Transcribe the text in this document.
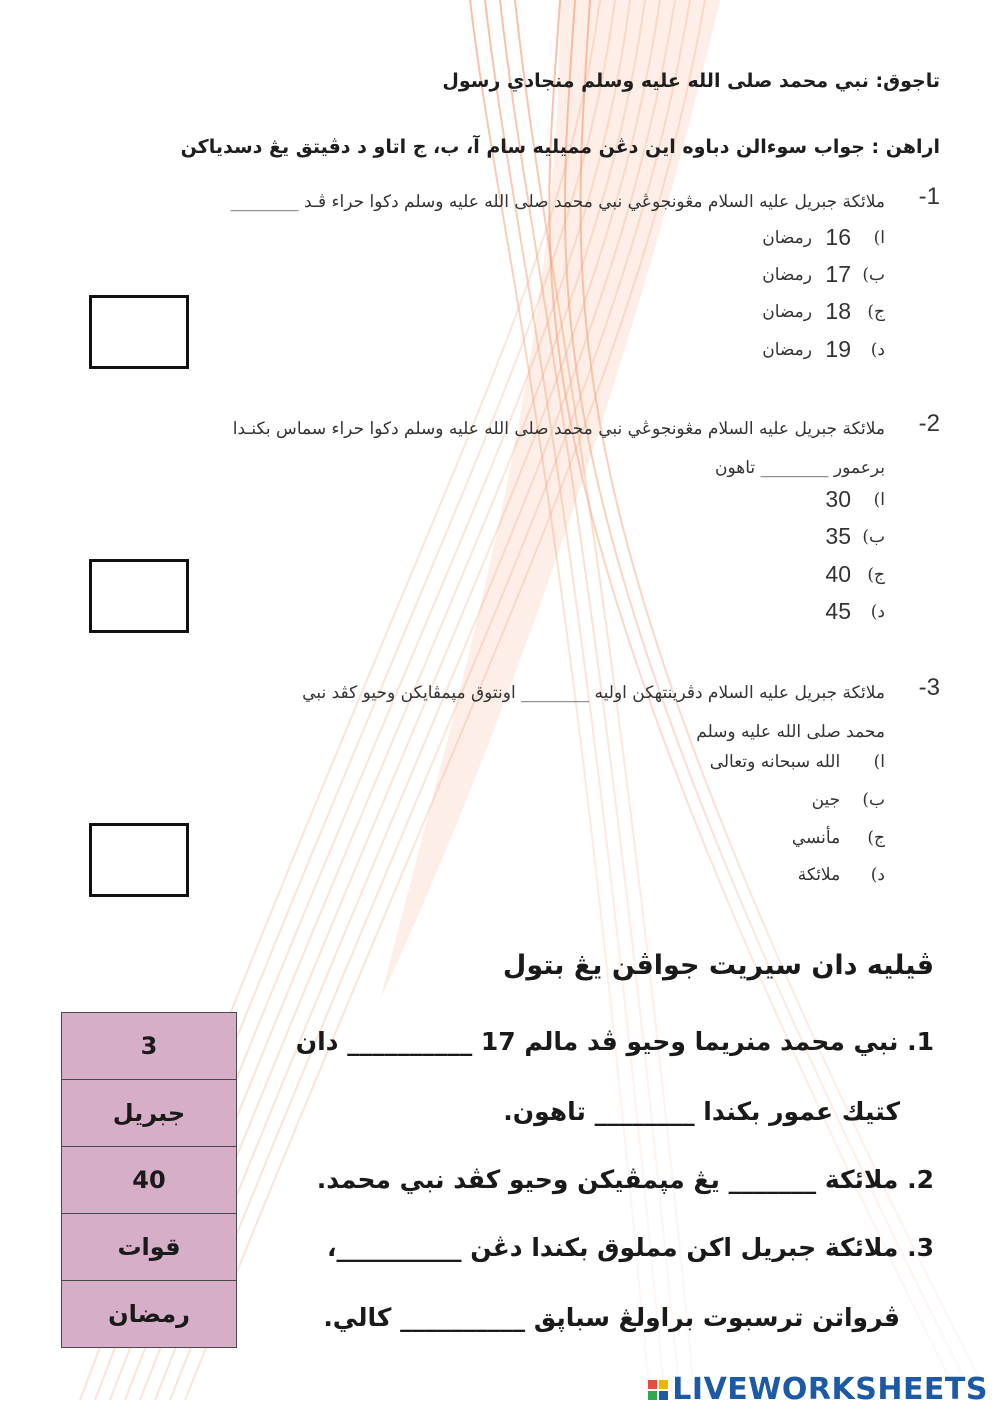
تاجوق: نبي محمد صلى الله عليه وسلم منجادي رسول
اراهن : جواب سوءالن دباوه اين دڠن مميليه سام آ، ب، ج اتاو د دڤيتق يڠ دسدياكن
-1
ملائكة جبريل عليه السلام مڠونجوڠي نبي محمد صلى الله عليه وسلم دكوا حراء ڤـد ________
ا)
16

رمضان
ب)
17

رمضان
ج)
18

رمضان
د)
19

رمضان
-2
ملائكة جبريل عليه السلام مڠونجوڠي نبي محمد صلى الله عليه وسلم دكوا حراء سماس بكنـدا
برعمور ________ تاهون
ا)
30
ب)
35
ج)
40
د)
45
-3
ملائكة جبريل عليه السلام دڤرينتهكن اوليه ________ اونتوق مڽمڤايكن وحيو كڤد نبي
محمد صلى الله عليه وسلم
ا)

الله سبحانه وتعالى
ب)

جين
ج)

مأنسي
د)

ملائكة
ڤيليه دان سيريت جواڤن يڠ بتول
1. نبي محمد منريما وحيو ڤد مالم 17 __________ دان
كتيك عمور بكندا ________ تاهون.
2. ملائكة _______ يڠ مڽمڤيكن وحيو كڤد نبي محمد.
3. ملائكة جبريل اكن مملوق بكندا دڠن __________،
ڤرواتن ترسبوت براولڠ سباڽق __________ كالي.
3
جبريل
40
قوات
رمضان
LIVEWORKSHEETS
